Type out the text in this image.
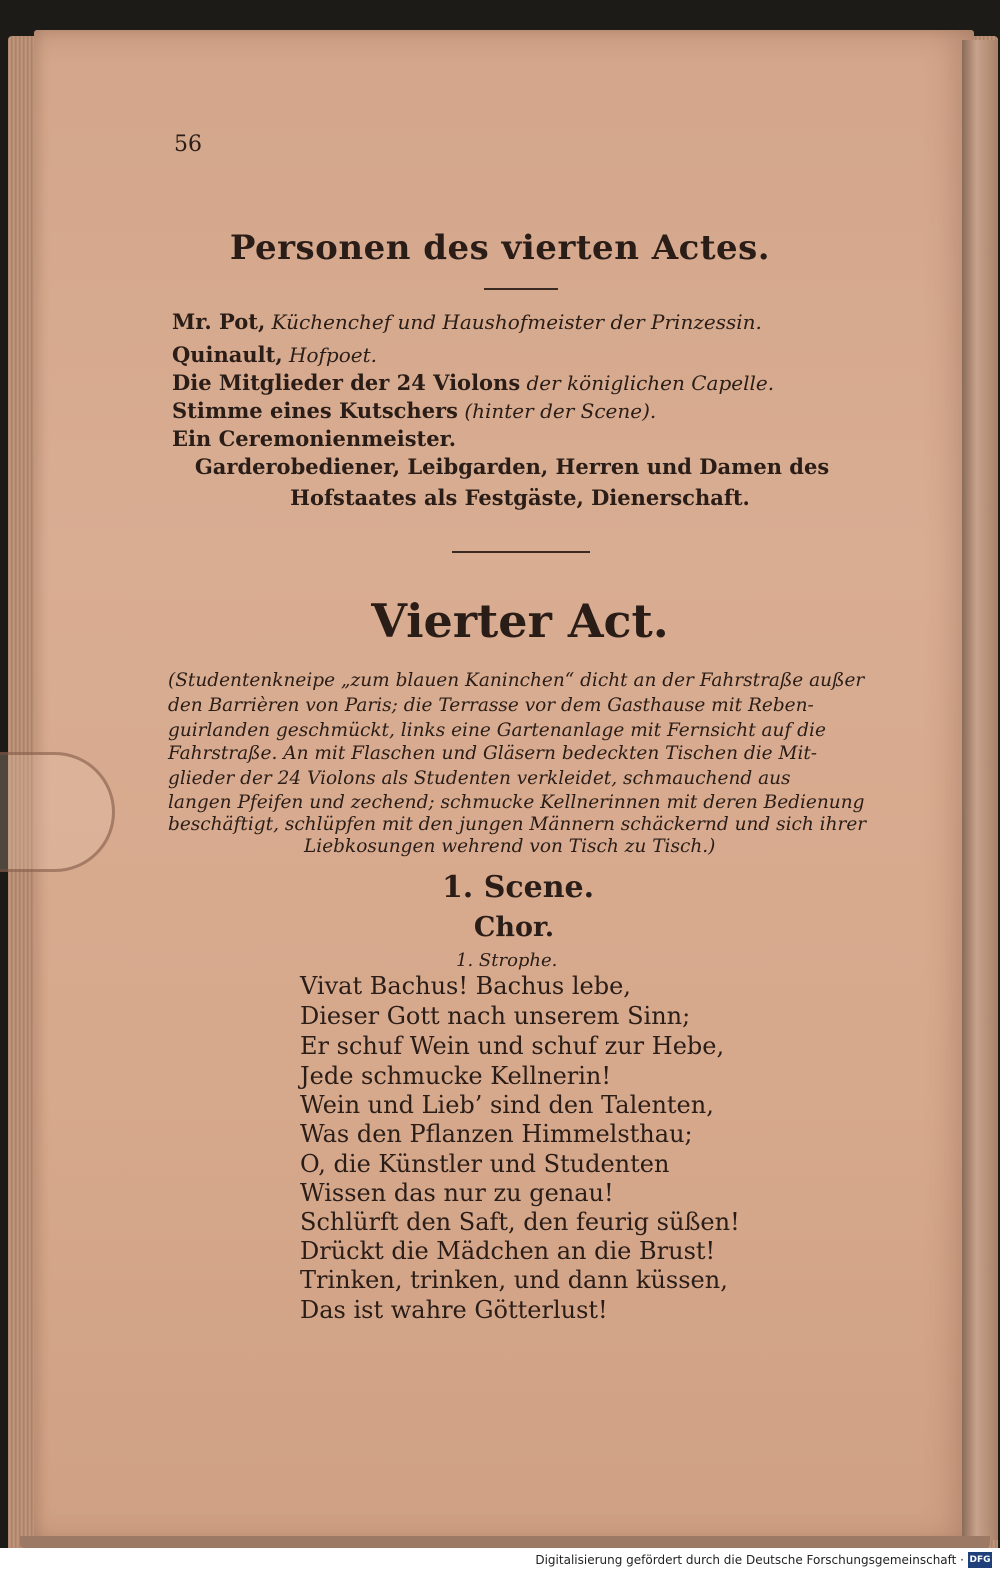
56
Personen des vierten Actes.
Mr. Pot, Küchenchef und Haushofmeister der Prinzessin.
Quinault, Hofpoet.
Die Mitglieder der 24 Violons der königlichen Capelle.
Stimme eines Kutschers (hinter der Scene).
Ein Ceremonienmeister.
Garderobediener, Leibgarden, Herren und Damen des
Hofstaates als Festgäste, Dienerschaft.
Vierter Act.
(Studentenkneipe „zum blauen Kaninchen“ dicht an der Fahrstraße außer
den Barrièren von Paris; die Terrasse vor dem Gasthause mit Reben-
guirlanden geschmückt, links eine Gartenanlage mit Fernsicht auf die
Fahrstraße. An mit Flaschen und Gläsern bedeckten Tischen die Mit-
glieder der 24 Violons als Studenten verkleidet, schmauchend aus
langen Pfeifen und zechend; schmucke Kellnerinnen mit deren Bedienung
beschäftigt, schlüpfen mit den jungen Männern schäckernd und sich ihrer
Liebkosungen wehrend von Tisch zu Tisch.)
1. Scene.
Chor.
1. Strophe.
Vivat Bachus! Bachus lebe,
Dieser Gott nach unserem Sinn;
Er schuf Wein und schuf zur Hebe,
Jede schmucke Kellnerin!
Wein und Lieb’ sind den Talenten,
Was den Pflanzen Himmelsthau;
O, die Künstler und Studenten
Wissen das nur zu genau!
Schlürft den Saft, den feurig süßen!
Drückt die Mädchen an die Brust!
Trinken, trinken, und dann küssen,
Das ist wahre Götterlust!
Digitalisierung gefördert durch die Deutsche Forschungsgemeinschaft · DFG
